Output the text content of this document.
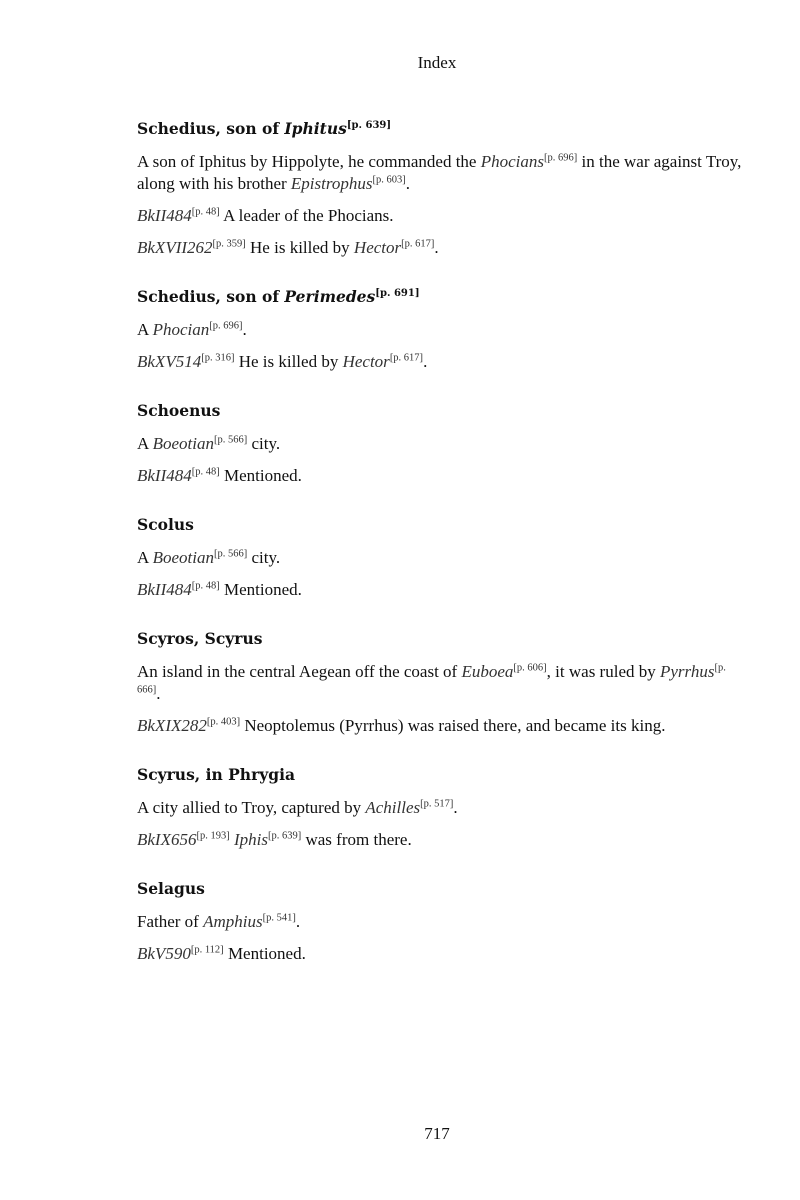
Index
Schedius, son of Iphitus[p. 639]

A son of Iphitus by Hippolyte, he commanded the Phocians[p. 696] in the war against Troy, along with his brother Epistrophus[p. 603].

BkII484[p. 48] A leader of the Phocians.

BkXVII262[p. 359] He is killed by Hector[p. 617].

Schedius, son of Perimedes[p. 691]

A Phocian[p. 696].

BkXV514[p. 316] He is killed by Hector[p. 617].

Schoenus

A Boeotian[p. 566] city.

BkII484[p. 48] Mentioned.

Scolus

A Boeotian[p. 566] city.

BkII484[p. 48] Mentioned.

Scyros, Scyrus

An island in the central Aegean off the coast of Euboea[p. 606], it was ruled by Pyrrhus[p. 666].

BkXIX282[p. 403] Neoptolemus (Pyrrhus) was raised there, and became its king.

Scyrus, in Phrygia

A city allied to Troy, captured by Achilles[p. 517].

BkIX656[p. 193] Iphis[p. 639] was from there.

Selagus

Father of Amphius[p. 541].

BkV590[p. 112] Mentioned.

717
